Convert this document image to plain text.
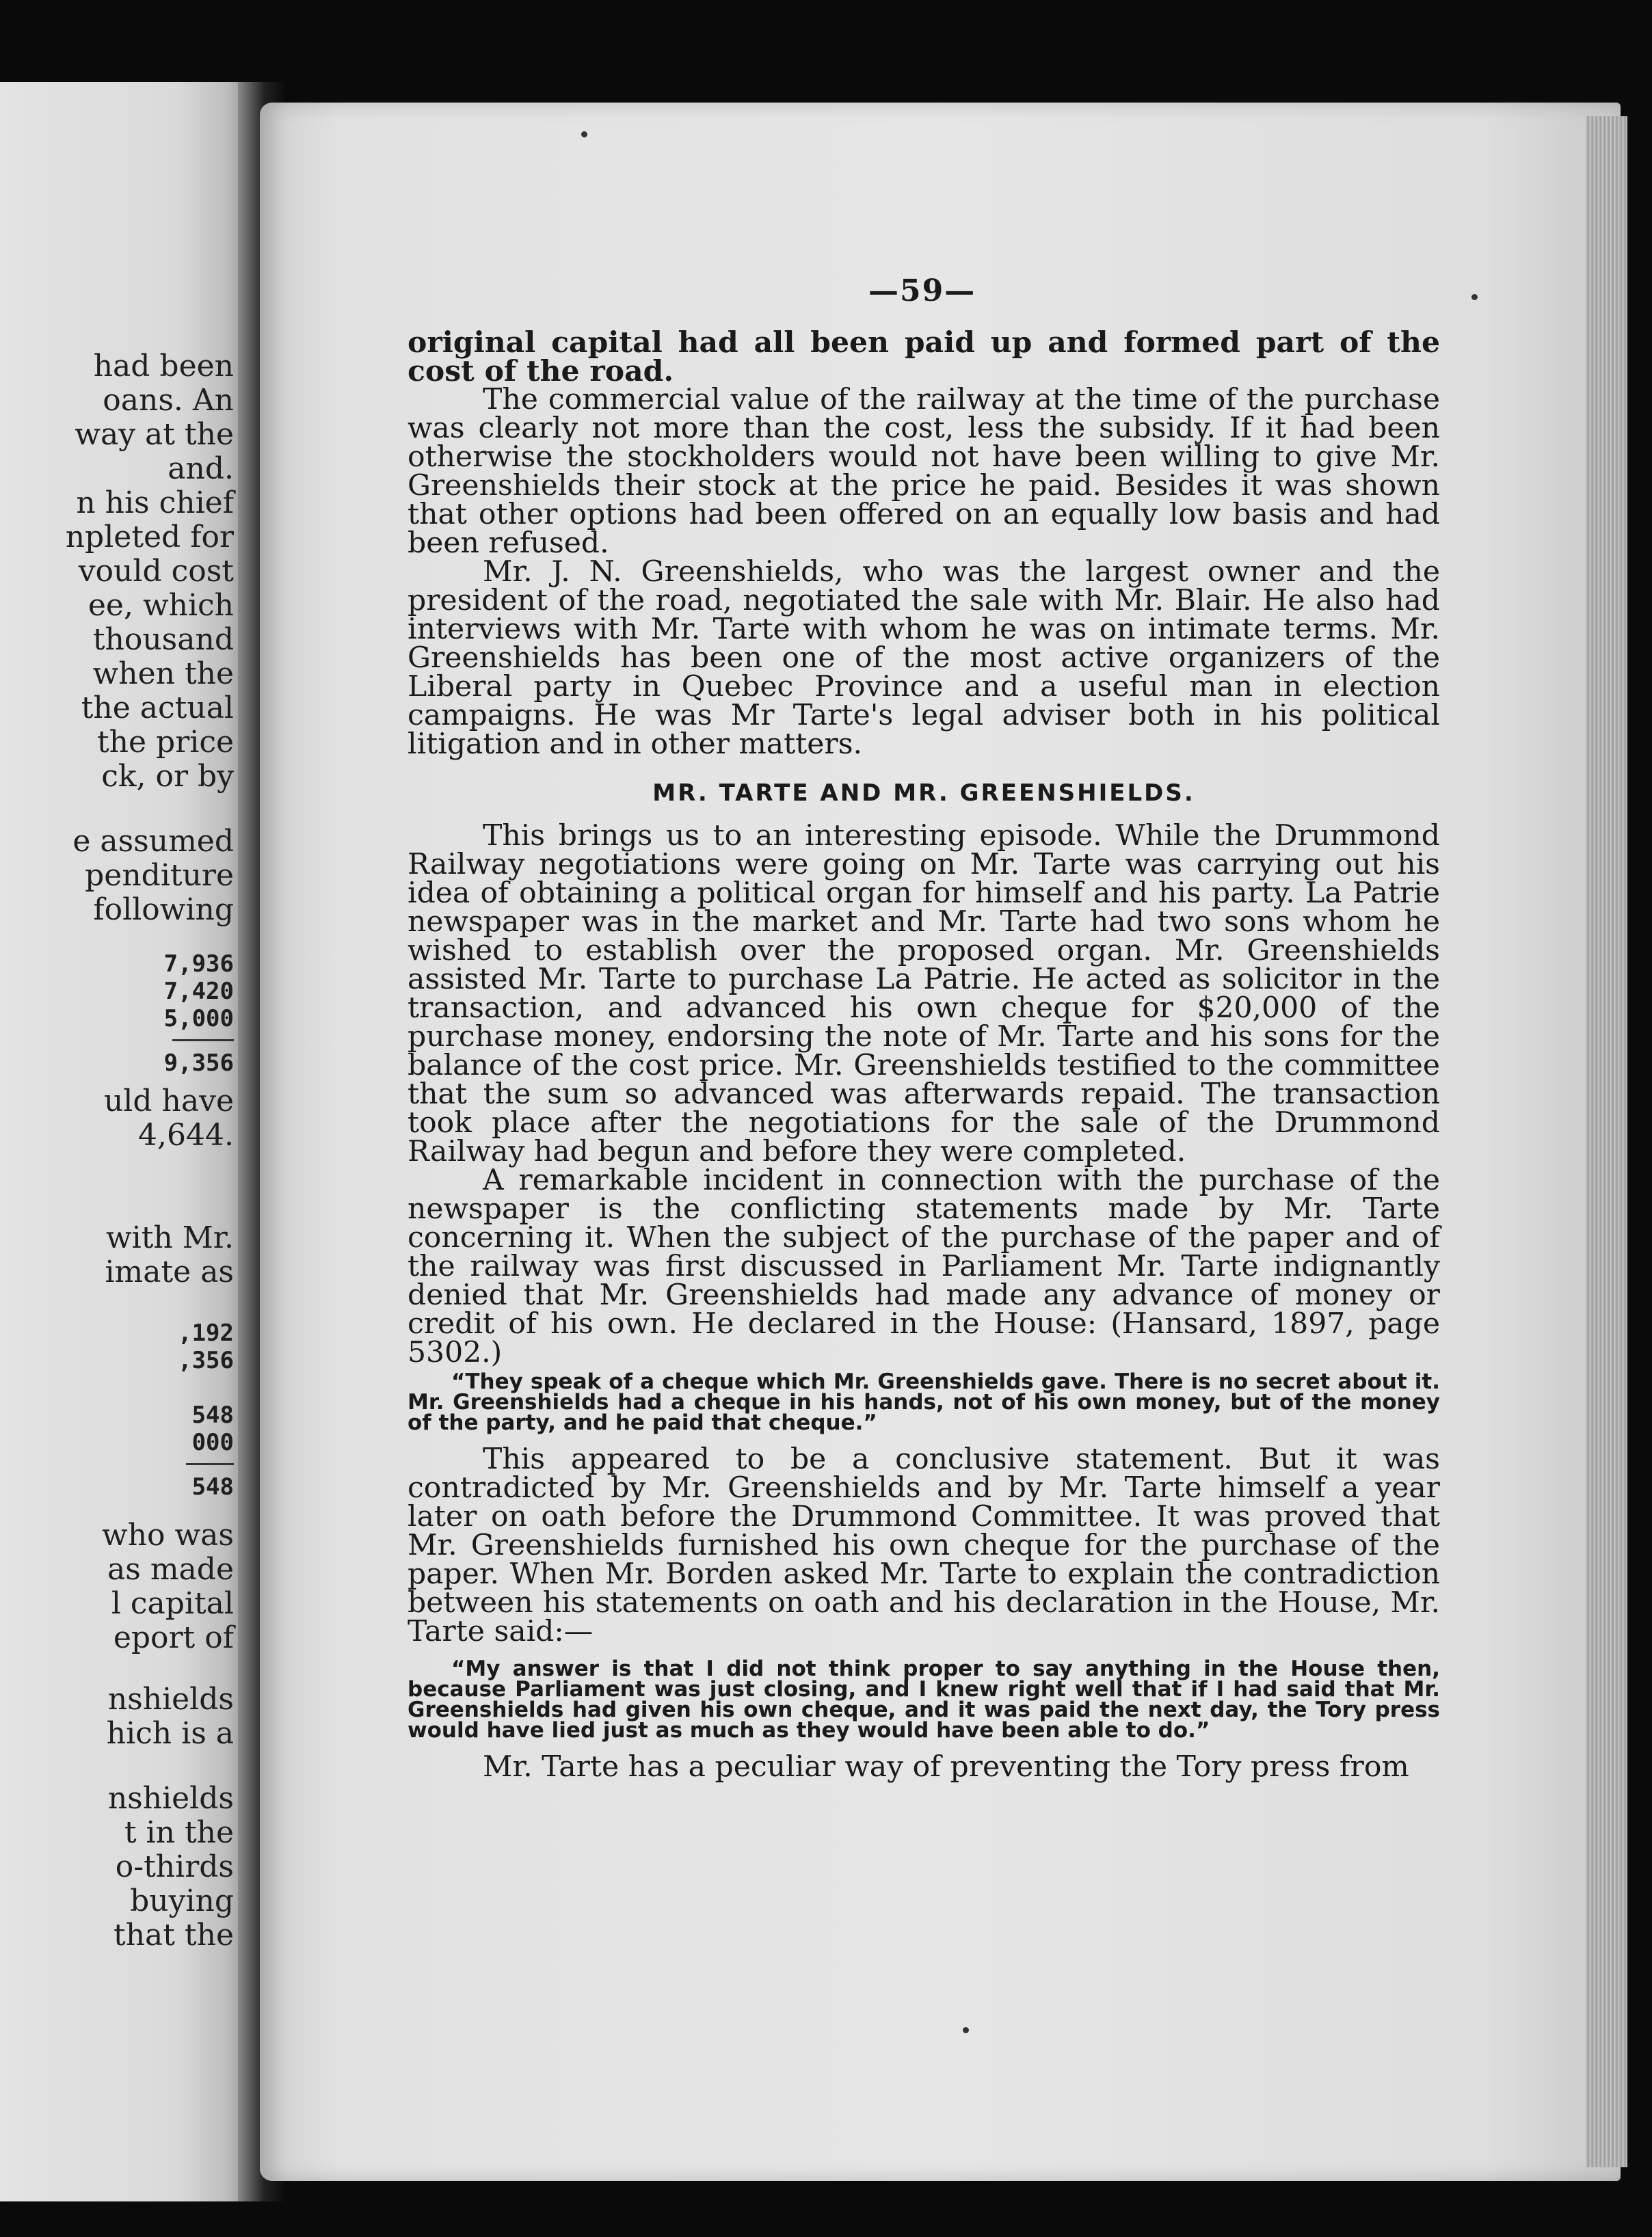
had been
oans. An
way at the
and.
n his chief
npleted for
vould cost
ee, which
thousand
when the
the actual
the price
ck, or by
e assumed
penditure
following
7,936
7,420
5,000
9,356
uld have
4,644.
with Mr.
imate as
,192
,356
548
000
548
who was
as made
l capital
eport of
nshields
hich is a
nshields
t in the
o-thirds
buying
that the
—59—

original capital had all been paid up and formed part of the cost of the road.

The commercial value of the railway at the time of the purchase was clearly not more than the cost, less the subsidy. If it had been otherwise the stockholders would not have been willing to give Mr. Greenshields their stock at the price he paid. Besides it was shown that other options had been offered on an equally low basis and had been refused.

Mr. J. N. Greenshields, who was the largest owner and the president of the road, negotiated the sale with Mr. Blair. He also had interviews with Mr. Tarte with whom he was on intimate terms. Mr. Greenshields has been one of the most active organizers of the Liberal party in Quebec Province and a useful man in election campaigns. He was Mr Tarte's legal adviser both in his political litigation and in other matters.

MR. TARTE AND MR. GREENSHIELDS.

This brings us to an interesting episode. While the Drummond Railway negotiations were going on Mr. Tarte was carrying out his idea of obtaining a political organ for himself and his party. La Patrie newspaper was in the market and Mr. Tarte had two sons whom he wished to establish over the proposed organ. Mr. Greenshields assisted Mr. Tarte to purchase La Patrie. He acted as solicitor in the transaction, and advanced his own cheque for $20,000 of the purchase money, endorsing the note of Mr. Tarte and his sons for the balance of the cost price. Mr. Greenshields testified to the committee that the sum so advanced was afterwards repaid. The transaction took place after the negotiations for the sale of the Drummond Railway had begun and before they were completed.

A remarkable incident in connection with the purchase of the newspaper is the conflicting statements made by Mr. Tarte concerning it. When the subject of the purchase of the paper and of the railway was first discussed in Parliament Mr. Tarte indignantly denied that Mr. Greenshields had made any advance of money or credit of his own. He declared in the House: (Hansard, 1897, page 5302.)

“They speak of a cheque which Mr. Greenshields gave. There is no secret about it. Mr. Greenshields had a cheque in his hands, not of his own money, but of the money of the party, and he paid that cheque.”

This appeared to be a conclusive statement. But it was contradicted by Mr. Greenshields and by Mr. Tarte himself a year later on oath before the Drummond Committee. It was proved that Mr. Greenshields furnished his own cheque for the purchase of the paper. When Mr. Borden asked Mr. Tarte to explain the contradiction between his statements on oath and his declaration in the House, Mr. Tarte said:—

“My answer is that I did not think proper to say anything in the House then, because Parliament was just closing, and I knew right well that if I had said that Mr. Greenshields had given his own cheque, and it was paid the next day, the Tory press would have lied just as much as they would have been able to do.”

Mr. Tarte has a peculiar way of preventing the Tory press from
